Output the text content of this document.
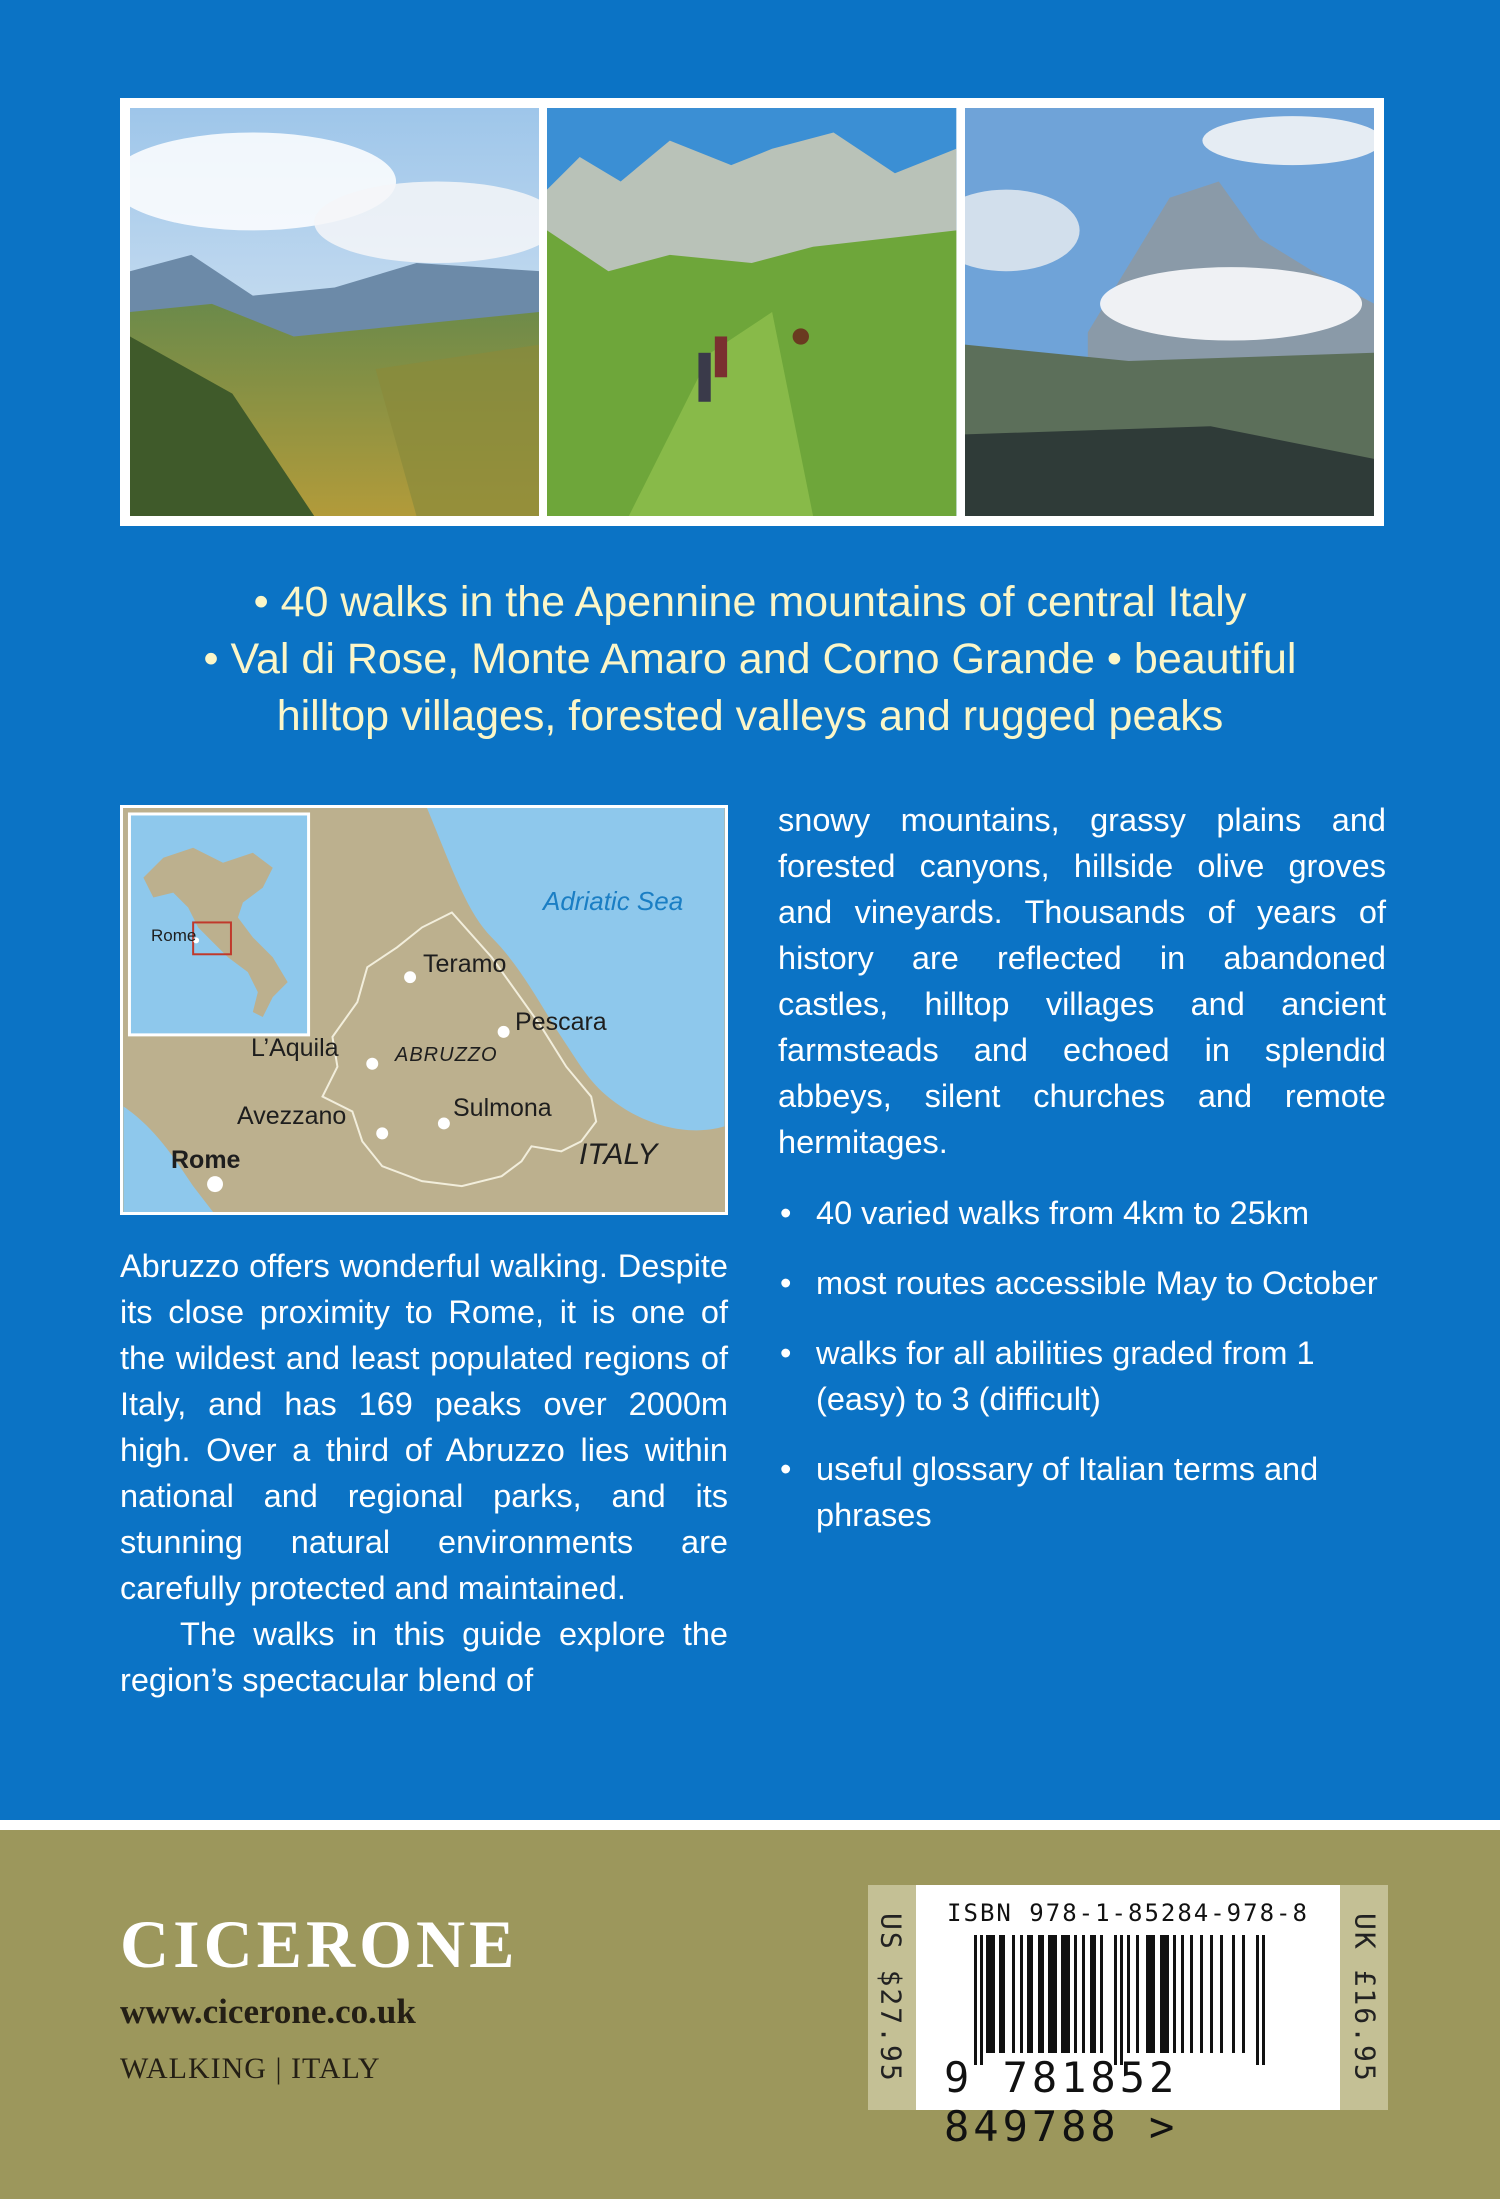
• 40 walks in the Apennine mountains of central Italy
• Val di Rose, Monte Amaro and Corno Grande • beautiful
hilltop villages, forested valleys and rugged peaks
Adriatic Sea
Teramo
Pescara
L’Aquila	ABRUZZO
Avezzano	Sulmona
Rome	ITALY
Rome

snowy mountains, grassy plains and forested canyons, hillside olive groves and vineyards. Thousands of years of history are reflected in abandoned castles, hilltop villages and ancient farmsteads and echoed in splendid abbeys, silent churches and remote hermitages.

Abruzzo offers wonderful walking. Despite its close proximity to Rome, it is one of the wildest and least populated regions of Italy, and has 169 peaks over 2000m high. Over a third of Abruzzo lies within national and regional parks, and its stunning natural environments are carefully protected and maintained.

The walks in this guide explore the region’s spectacular blend of

• 40 varied walks from 4km to 25km
• most routes accessible May to October
• walks for all abilities graded from 1 (easy) to 3 (difficult)
• useful glossary of Italian terms and phrases
CICERONE
www.cicerone.co.uk
WALKING | ITALY	US $27.95	ISBN 978-1-85284-978-8
9 781852 849788 >
UK £16.95
